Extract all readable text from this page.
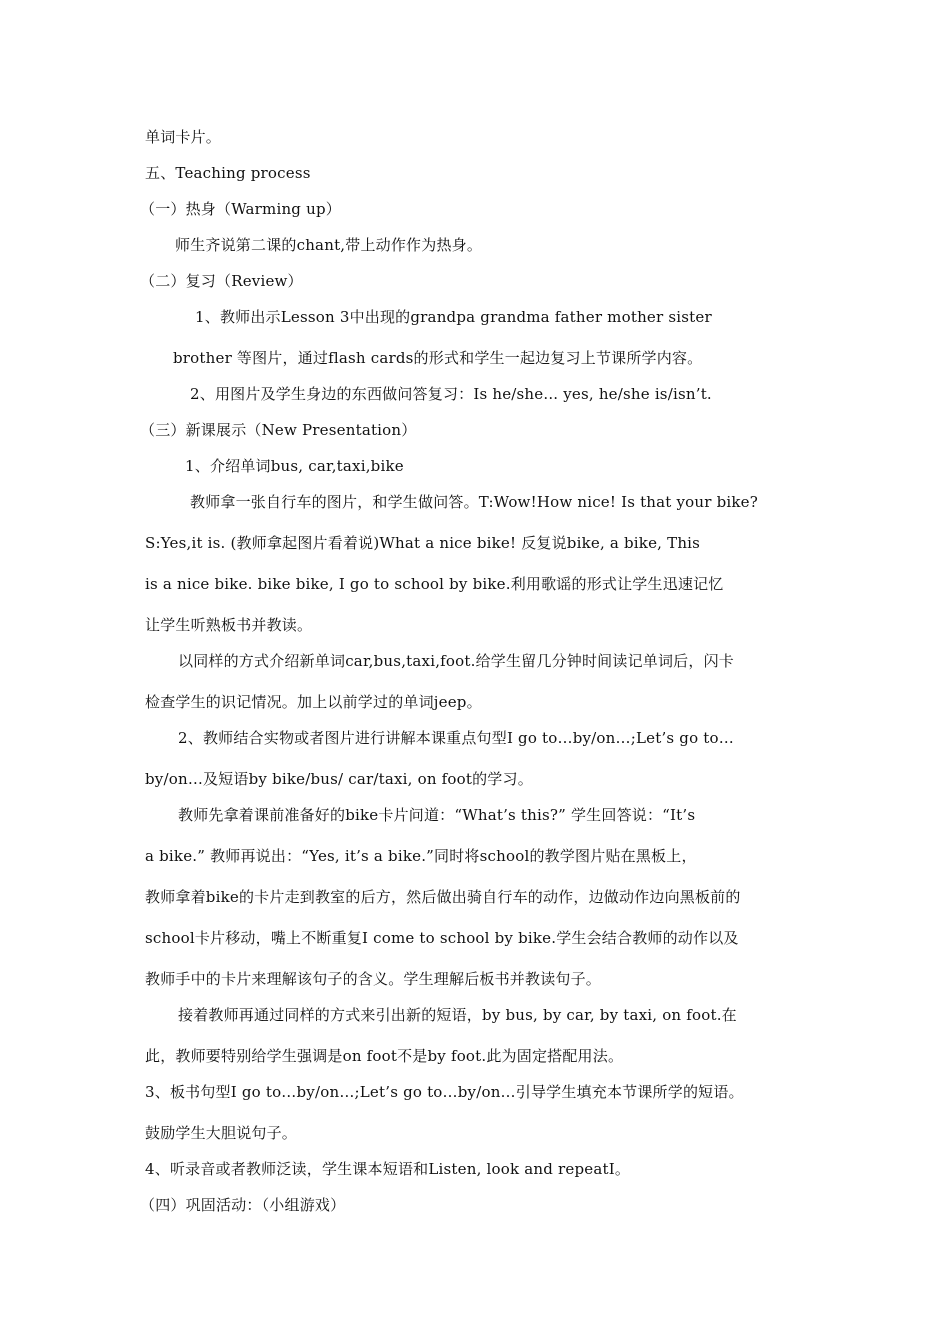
单词卡片。
五、Teaching process
（一）热身（Warming up）
师生齐说第二课的chant,带上动作作为热身。
（二）复习（Review）
1、教师出示Lesson 3中出现的grandpa grandma father mother sister
brother 等图片，通过flash cards的形式和学生一起边复习上节课所学内容。
2、用图片及学生身边的东西做问答复习：Is he/she... yes, he/she is/isn’t.
（三）新课展示（New Presentation）
1、介绍单词bus, car,taxi,bike
教师拿一张自行车的图片，和学生做问答。T:Wow!How nice! Is that your bike?
S:Yes,it is. (教师拿起图片看着说)What a nice bike! 反复说bike, a bike, This
is a nice bike. bike bike, I go to school by bike.利用歌谣的形式让学生迅速记忆
让学生听熟板书并教读。
以同样的方式介绍新单词car,bus,taxi,foot.给学生留几分钟时间读记单词后，闪卡
检查学生的识记情况。加上以前学过的单词jeep。
2、教师结合实物或者图片进行讲解本课重点句型I go to…by/on…;Let’s go to…
by/on…及短语by bike/bus/ car/taxi, on foot的学习。
教师先拿着课前准备好的bike卡片问道：“What’s this?” 学生回答说：“It’s
a bike.” 教师再说出：“Yes, it’s a bike.”同时将school的教学图片贴在黑板上，
教师拿着bike的卡片走到教室的后方，然后做出骑自行车的动作，边做动作边向黑板前的
school卡片移动，嘴上不断重复I come to school by bike.学生会结合教师的动作以及
教师手中的卡片来理解该句子的含义。学生理解后板书并教读句子。
接着教师再通过同样的方式来引出新的短语，by bus, by car, by taxi, on foot.在
此，教师要特别给学生强调是on foot不是by foot.此为固定搭配用法。
3、板书句型I go to…by/on…;Let’s go to…by/on…引导学生填充本节课所学的短语。
鼓励学生大胆说句子。
4、听录音或者教师泛读，学生课本短语和Listen, look and repeatⅠ。
（四）巩固活动：（小组游戏）
